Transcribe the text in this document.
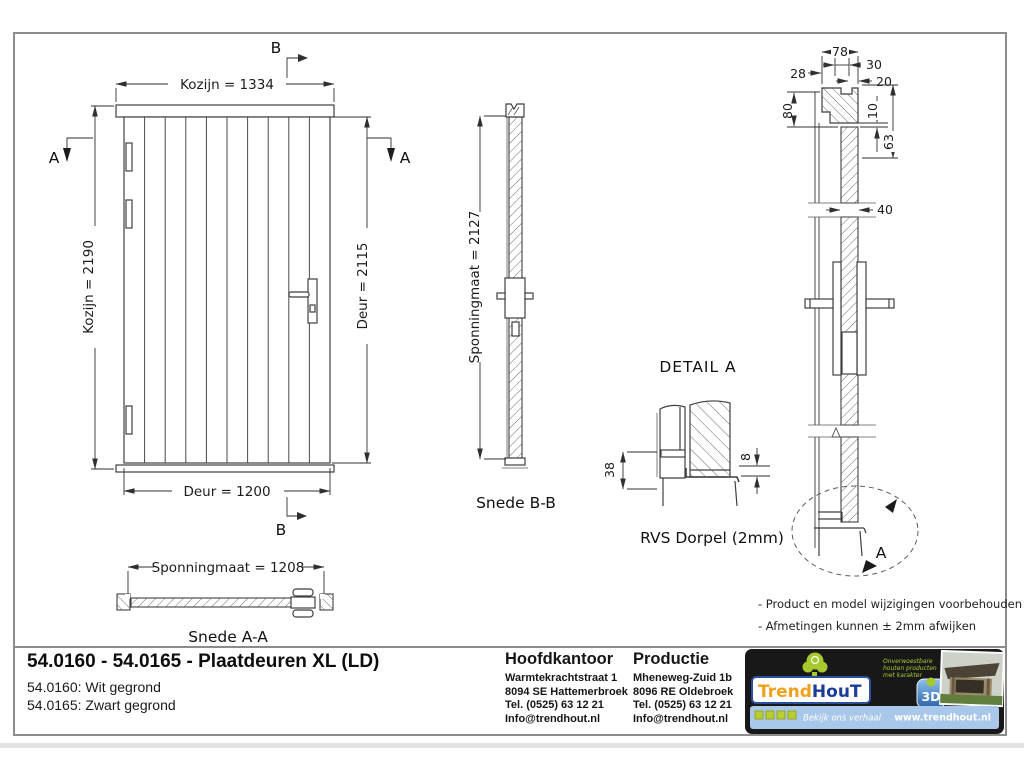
Kozijn = 1334
B
Kozijn = 2190
A
Deur = 2115
A
Deur = 1200
B
Sponningmaat = 1208
Snede A-A
Sponningmaat = 2127
Snede B-B
DETAIL A
38
8
RVS Dorpel (2mm)
78
30
28
20
80	10
63
40
A
- Product en model wijzigingen voorbehouden
- Afmetingen kunnen ± 2mm afwijken
54.0160 - 54.0165 - Plaatdeuren XL (LD)
54.0160: Wit gegrond
54.0165: Zwart gegrond
Hoofdkantoor
Warmtekrachtstraat 1
8094 SE Hattemerbroek
Tel. (0525) 63 12 21
Info@trendhout.nl
Productie
Mheneweg-Zuid 1b
8096 RE Oldebroek
Tel. (0525) 63 12 21
Info@trendhout.nl
TrendHouT
Onverwoestbare
houten producten
met karakter
3D
Bekijk ons verhaal www.trendhout.nl
